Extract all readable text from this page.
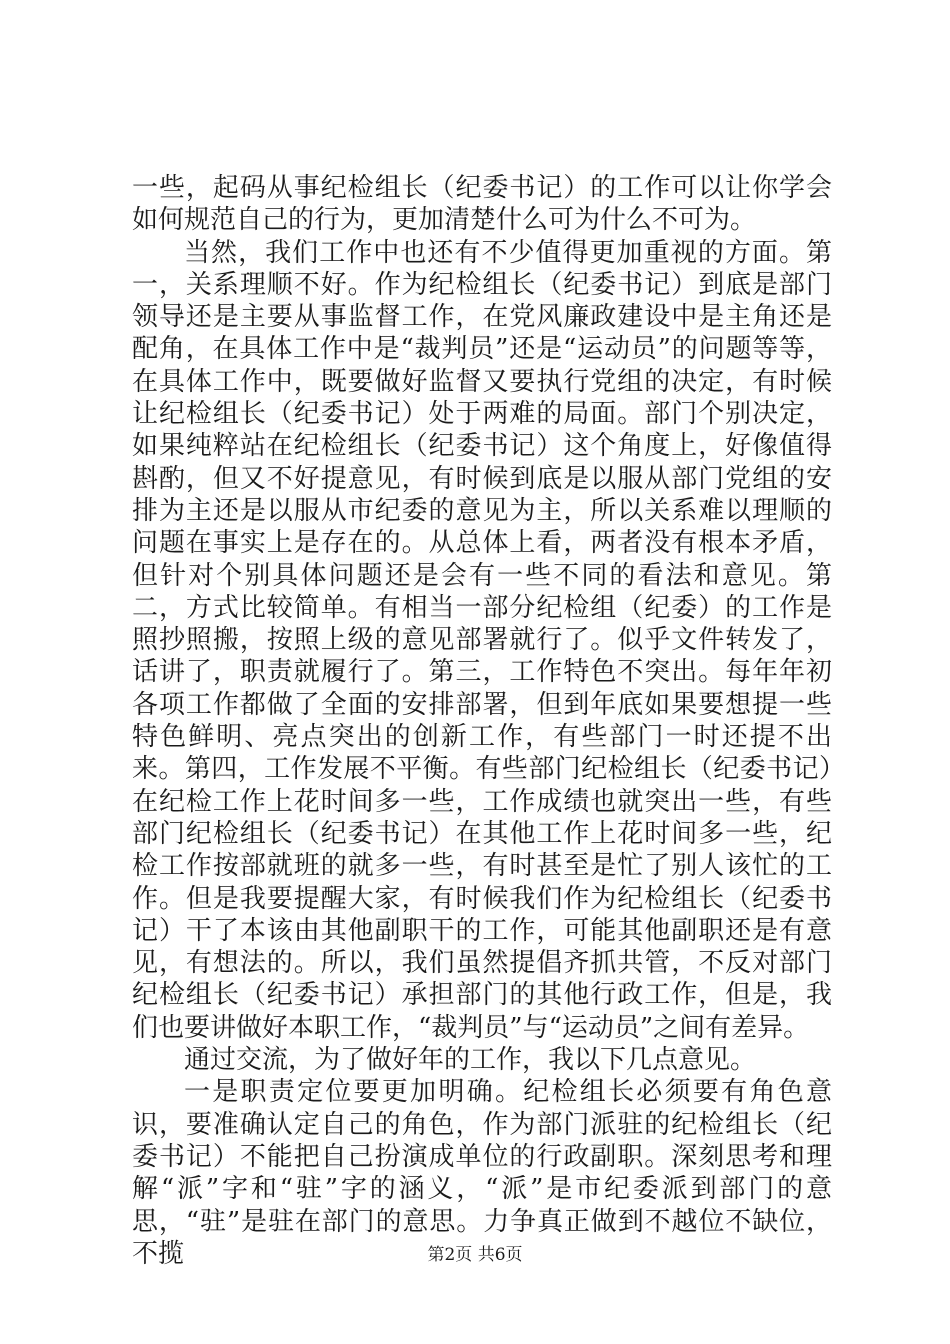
一些，起码从事纪检组长（纪委书记）的工作可以让你学会如何规范自己的行为，更加清楚什么可为什么不可为。

当然，我们工作中也还有不少值得更加重视的方面。第一，关系理顺不好。作为纪检组长（纪委书记）到底是部门领导还是主要从事监督工作，在党风廉政建设中是主角还是配角，在具体工作中是“裁判员”还是“运动员”的问题等等，在具体工作中，既要做好监督又要执行党组的决定，有时候让纪检组长（纪委书记）处于两难的局面。部门个别决定，如果纯粹站在纪检组长（纪委书记）这个角度上，好像值得斟酌，但又不好提意见，有时候到底是以服从部门党组的安排为主还是以服从市纪委的意见为主，所以关系难以理顺的问题在事实上是存在的。从总体上看，两者没有根本矛盾，但针对个别具体问题还是会有一些不同的看法和意见。第二，方式比较简单。有相当一部分纪检组（纪委）的工作是照抄照搬，按照上级的意见部署就行了。似乎文件转发了，话讲了，职责就履行了。第三，工作特色不突出。每年年初各项工作都做了全面的安排部署，但到年底如果要想提一些特色鲜明、亮点突出的创新工作，有些部门一时还提不出来。第四，工作发展不平衡。有些部门纪检组长（纪委书记）在纪检工作上花时间多一些，工作成绩也就突出一些，有些部门纪检组长（纪委书记）在其他工作上花时间多一些，纪检工作按部就班的就多一些，有时甚至是忙了别人该忙的工作。但是我要提醒大家，有时候我们作为纪检组长（纪委书记）干了本该由其他副职干的工作，可能其他副职还是有意见，有想法的。所以，我们虽然提倡齐抓共管，不反对部门纪检组长（纪委书记）承担部门的其他行政工作，但是，我们也要讲做好本职工作，“裁判员”与“运动员”之间有差异。

通过交流，为了做好年的工作，我以下几点意见。

一是职责定位要更加明确。纪检组长必须要有角色意识，要准确认定自己的角色，作为部门派驻的纪检组长（纪委书记）不能把自己扮演成单位的行政副职。深刻思考和理解“派”字和“驻”字的涵义，“派”是市纪委派到部门的意思，“驻”是驻在部门的意思。力争真正做到不越位不缺位，不揽	第2页 共6页
